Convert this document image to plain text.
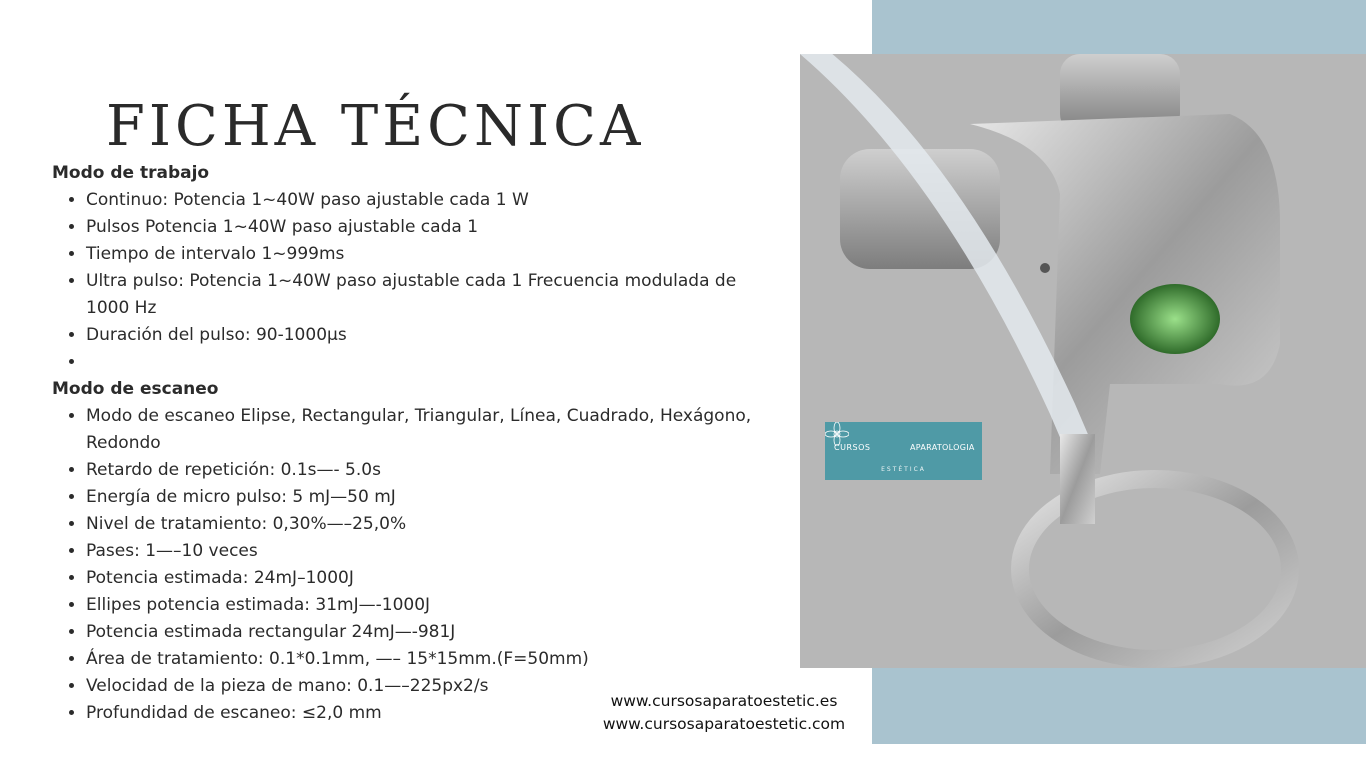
CURSOS	APARATOLOGIA
ESTÉTICA
FICHA TÉCNICA
Modo de trabajo
• Continuo: Potencia 1~40W paso ajustable cada 1 W
• Pulsos Potencia 1~40W paso ajustable cada 1
• Tiempo de intervalo 1~999ms
• Ultra pulso: Potencia 1~40W paso ajustable cada 1 Frecuencia modulada de 1000 Hz
• Duración del pulso: 90-1000μs
•
Modo de escaneo
• Modo de escaneo Elipse, Rectangular, Triangular, Línea, Cuadrado, Hexágono, Redondo
• Retardo de repetición: 0.1s—- 5.0s
• Energía de micro pulso: 5 mJ—50 mJ
• Nivel de tratamiento: 0,30%—–25,0%
• Pases: 1—–10 veces
• Potencia estimada: 24mJ–1000J
• Ellipes potencia estimada: 31mJ—-1000J
• Potencia estimada rectangular 24mJ—-981J
• Área de tratamiento: 0.1*0.1mm, —– 15*15mm.(F=50mm)
• Velocidad de la pieza de mano: 0.1—–225px2/s
• Profundidad de escaneo: ≤2,0 mm
www.cursosaparatoestetic.es
www.cursosaparatoestetic.com
